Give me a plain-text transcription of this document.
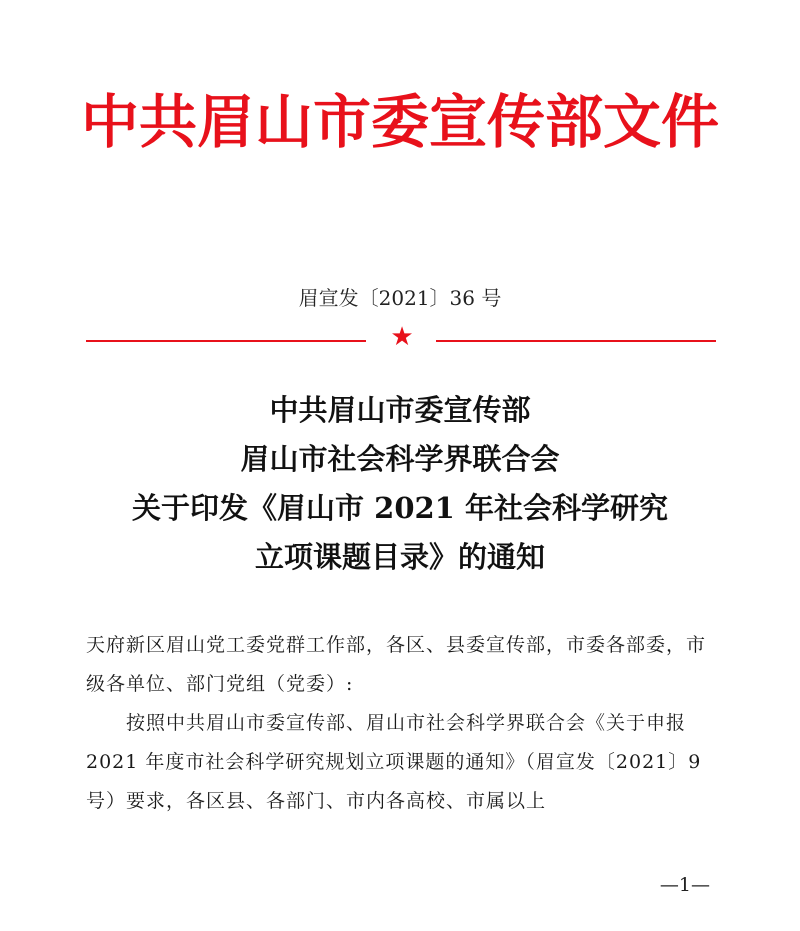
中共眉山市委宣传部文件
眉宣发〔2021〕36 号
★
中共眉山市委宣传部
眉山市社会科学界联合会
关于印发《眉山市 2021 年社会科学研究
立项课题目录》的通知

天府新区眉山党工委党群工作部，各区、县委宣传部，市委各部委，市级各单位、部门党组（党委）:

按照中共眉山市委宣传部、眉山市社会科学界联合会《关于申报 2021 年度市社会科学研究规划立项课题的通知》（眉宣发〔2021〕9 号）要求，各区县、各部门、市内各高校、市属以上

—1—
